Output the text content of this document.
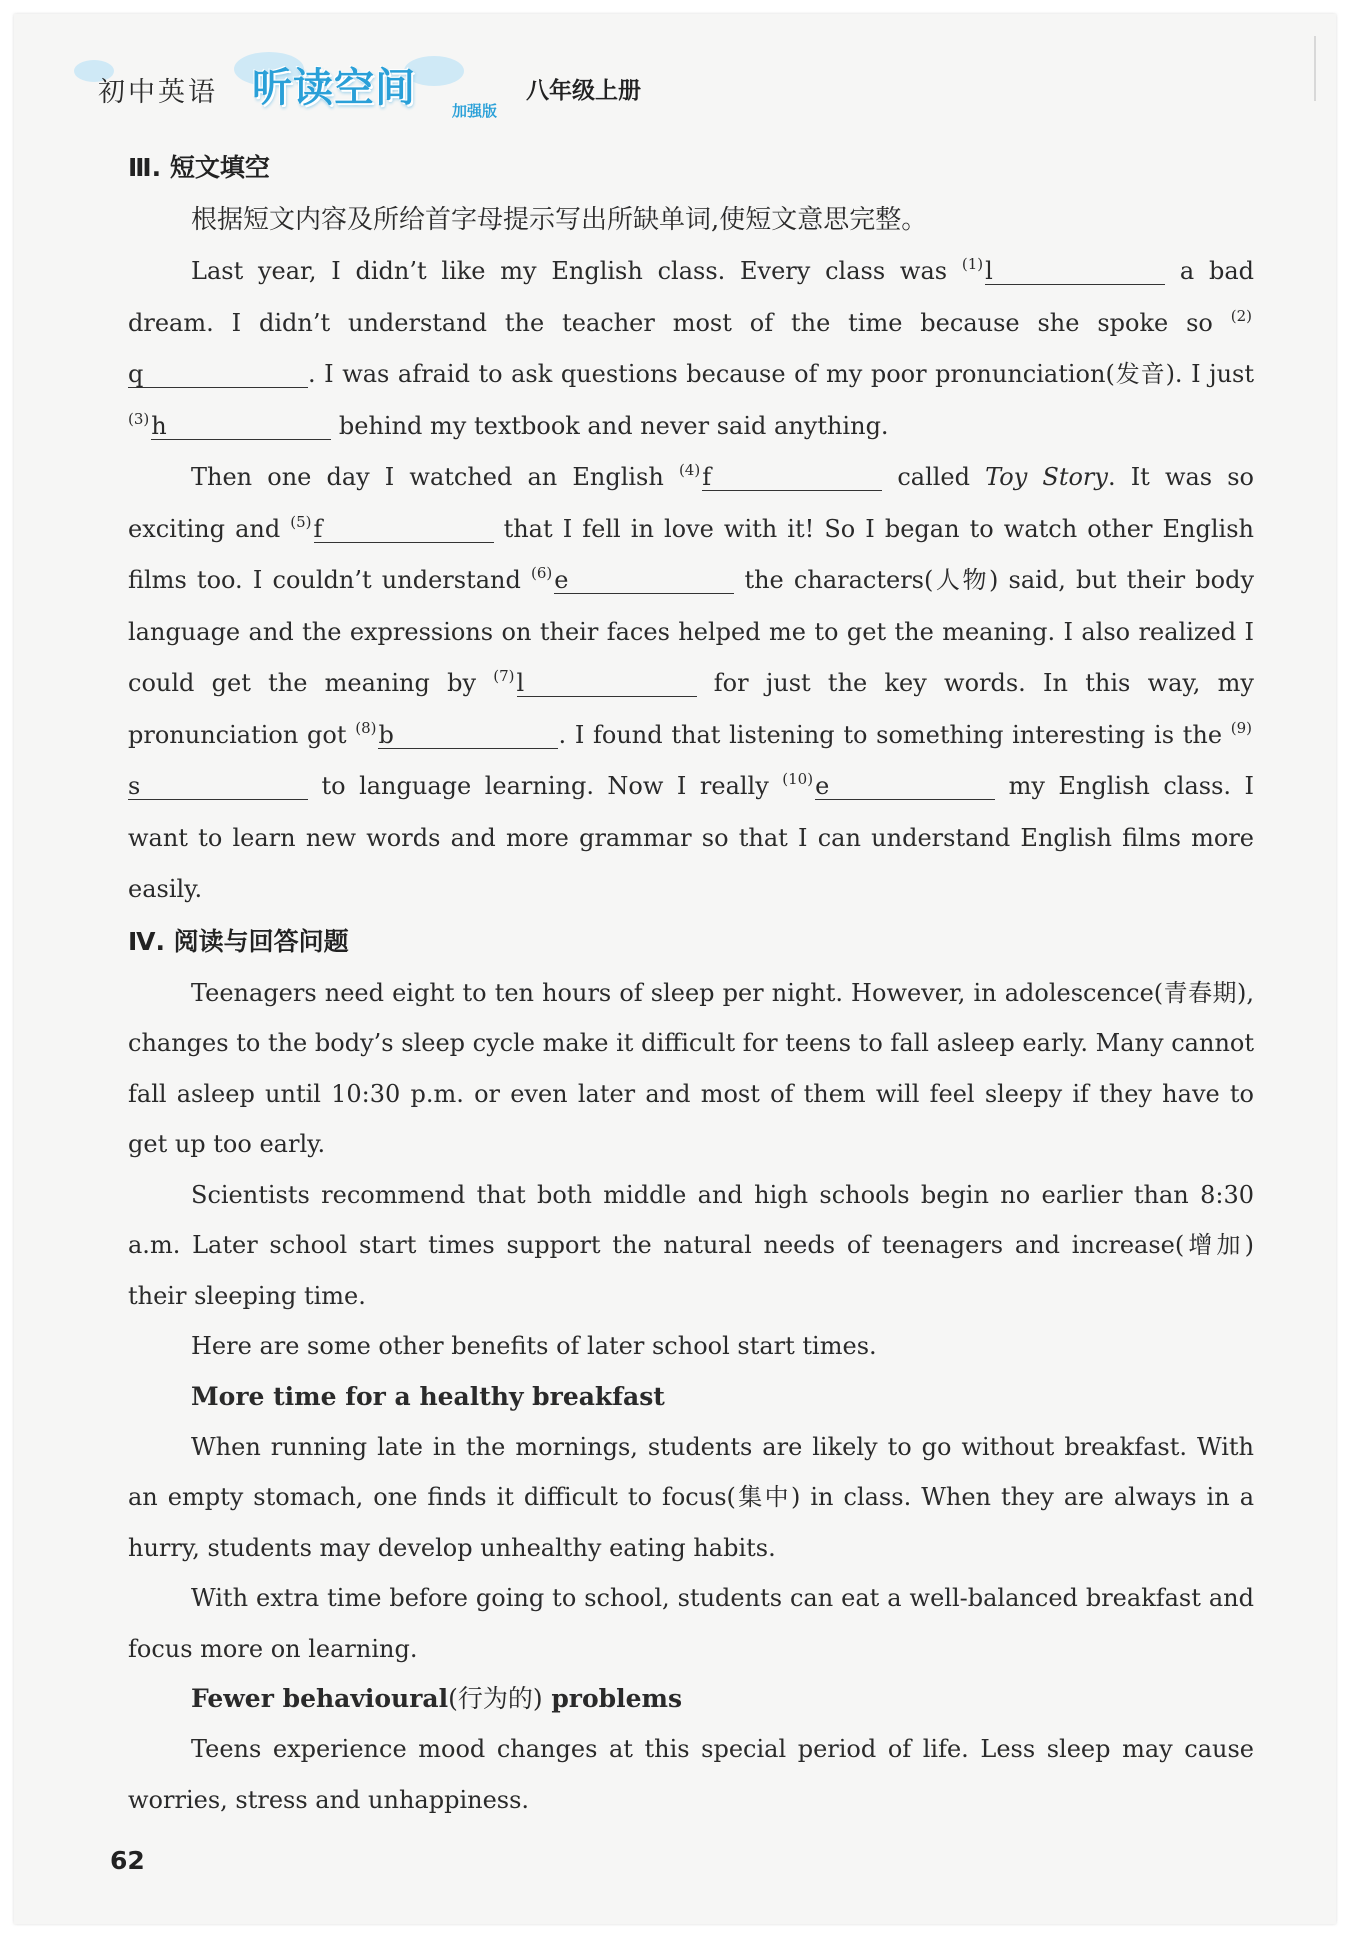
初中英语 听读空间 加强版
八年级上册

Ⅲ. 短文填空

根据短文内容及所给首字母提示写出所缺单词,使短文意思完整。

Last year, I didn’t like my English class. Every class was $^{(1)}$l	a bad dream. I didn’t understand the teacher most of the time because she spoke so $^{(2)}$q	. I was afraid to ask questions because of my poor pronunciation(发音). I just $^{(3)}$h	behind my textbook and never said anything.

Then one day I watched an English $^{(4)}$f	called Toy Story. It was so exciting and $^{(5)}$f	that I fell in love with it! So I began to watch other English films too. I couldn’t understand $^{(6)}$e	the characters(人物) said, but their body language and the expressions on their faces helped me to get the meaning. I also realized I could get the meaning by $^{(7)}$l	for just the key words. In this way, my pronunciation got $^{(8)}$b	. I found that listening to something interesting is the $^{(9)}$s	to language learning. Now I really $^{(10)}$e	my English class. I want to learn new words and more grammar so that I can understand English films more easily.

Ⅳ. 阅读与回答问题

Teenagers need eight to ten hours of sleep per night. However, in adolescence(青春期), changes to the body’s sleep cycle make it difficult for teens to fall asleep early. Many cannot fall asleep until 10:30 p.m. or even later and most of them will feel sleepy if they have to get up too early.

Scientists recommend that both middle and high schools begin no earlier than 8:30 a.m. Later school start times support the natural needs of teenagers and increase(增加) their sleeping time.

Here are some other benefits of later school start times.

More time for a healthy breakfast

When running late in the mornings, students are likely to go without breakfast. With an empty stomach, one finds it difficult to focus(集中) in class. When they are always in a hurry, students may develop unhealthy eating habits.

With extra time before going to school, students can eat a well-balanced breakfast and focus more on learning.

Fewer behavioural(行为的) problems

Teens experience mood changes at this special period of life. Less sleep may cause worries, stress and unhappiness.

62
